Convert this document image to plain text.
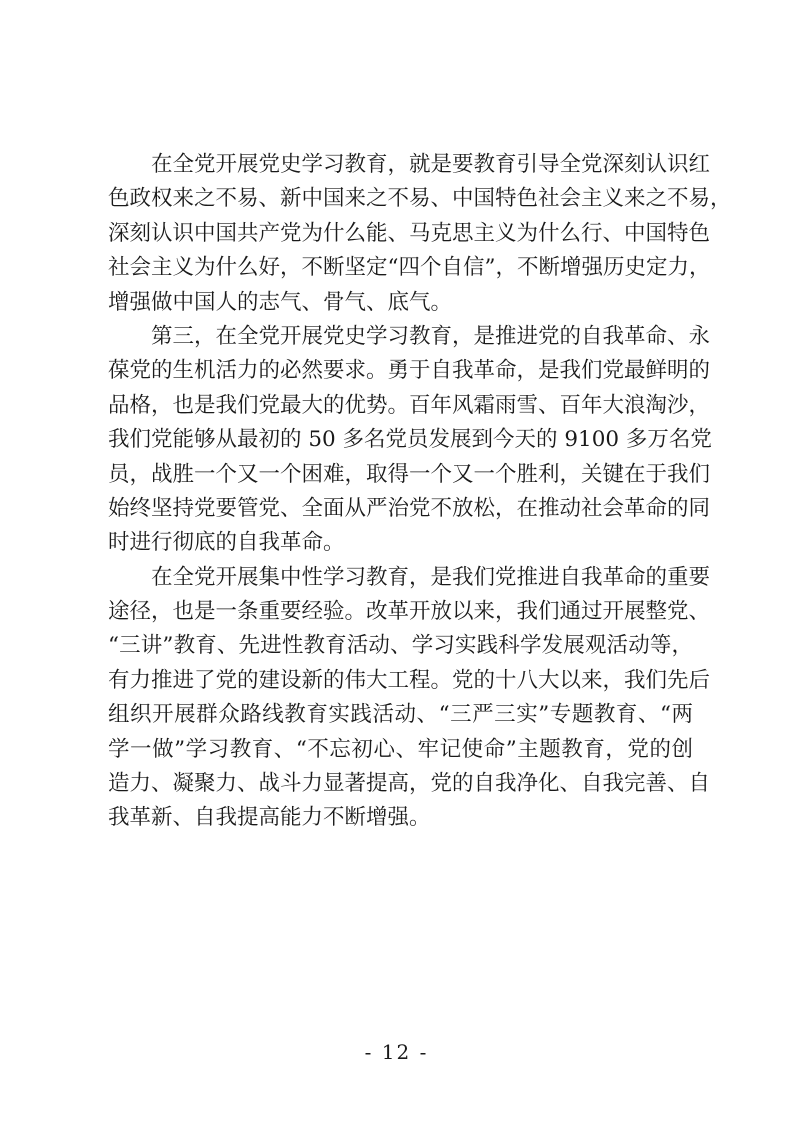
在全党开展党史学习教育，就是要教育引导全党深刻认识红
色政权来之不易、新中国来之不易、中国特色社会主义来之不易，
深刻认识中国共产党为什么能、马克思主义为什么行、中国特色
社会主义为什么好，不断坚定“四个自信”，不断增强历史定力，
增强做中国人的志气、骨气、底气。
第三，在全党开展党史学习教育，是推进党的自我革命、永
葆党的生机活力的必然要求。勇于自我革命，是我们党最鲜明的
品格，也是我们党最大的优势。百年风霜雨雪、百年大浪淘沙，
我们党能够从最初的 50 多名党员发展到今天的 9100 多万名党
员，战胜一个又一个困难，取得一个又一个胜利，关键在于我们
始终坚持党要管党、全面从严治党不放松，在推动社会革命的同
时进行彻底的自我革命。
在全党开展集中性学习教育，是我们党推进自我革命的重要
途径，也是一条重要经验。改革开放以来，我们通过开展整党、
“三讲”教育、先进性教育活动、学习实践科学发展观活动等，
有力推进了党的建设新的伟大工程。党的十八大以来，我们先后
组织开展群众路线教育实践活动、“三严三实”专题教育、“两
学一做”学习教育、“不忘初心、牢记使命”主题教育，党的创
造力、凝聚力、战斗力显著提高，党的自我净化、自我完善、自
我革新、自我提高能力不断增强。
- 12 -
